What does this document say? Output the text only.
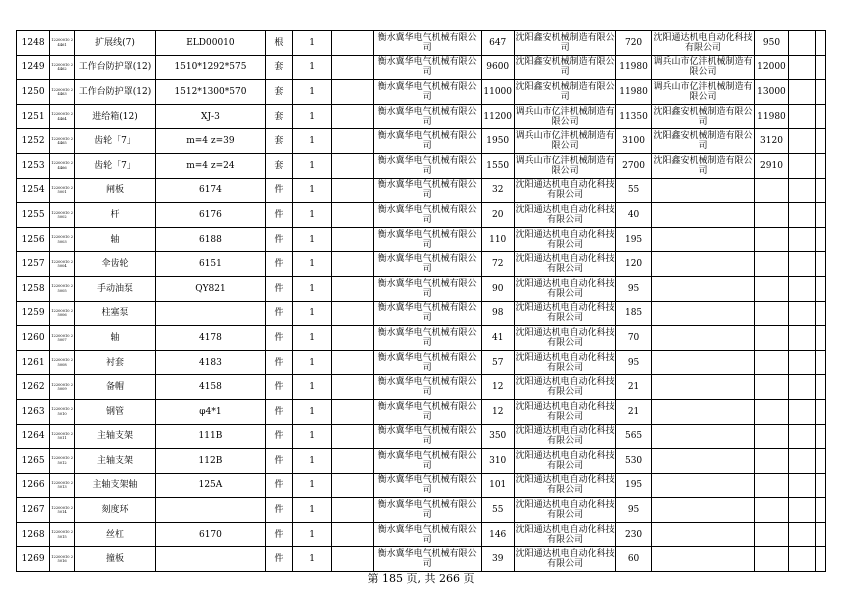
1248	12200010 24461	扩展线(7)	ELD00010	根	1		衡水冀华电气机械有限公司	647	沈阳鑫安机械制造有限公司	720	沈阳通达机电自动化科技有限公司	950		
1249	12200010 24462	工作台防护罩(12)	1510*1292*575	套	1		衡水冀华电气机械有限公司	9600	沈阳鑫安机械制造有限公司	11980	调兵山市亿沣机械制造有限公司	12000		
1250	12200010 24463	工作台防护罩(12)	1512*1300*570	套	1		衡水冀华电气机械有限公司	11000	沈阳鑫安机械制造有限公司	11980	调兵山市亿沣机械制造有限公司	13000		
1251	12200010 24464	进给箱(12)	XJ-3	套	1		衡水冀华电气机械有限公司	11200	调兵山市亿沣机械制造有限公司	11350	沈阳鑫安机械制造有限公司	11980		
1252	12200010 24465	齿轮「7」	m=4 z=39	套	1		衡水冀华电气机械有限公司	1950	调兵山市亿沣机械制造有限公司	3100	沈阳鑫安机械制造有限公司	3120		
1253	12200010 24466	齿轮「7」	m=4 z=24	套	1		衡水冀华电气机械有限公司	1550	调兵山市亿沣机械制造有限公司	2700	沈阳鑫安机械制造有限公司	2910		
1254	12200010 25001	闸板	6174	件	1		衡水冀华电气机械有限公司	32	沈阳通达机电自动化科技有限公司	55				
1255	12200010 25002	杆	6176	件	1		衡水冀华电气机械有限公司	20	沈阳通达机电自动化科技有限公司	40				
1256	12200010 25003	轴	6188	件	1		衡水冀华电气机械有限公司	110	沈阳通达机电自动化科技有限公司	195				
1257	12200010 25004	伞齿轮	6151	件	1		衡水冀华电气机械有限公司	72	沈阳通达机电自动化科技有限公司	120				
1258	12200010 25005	手动油泵	QY821	件	1		衡水冀华电气机械有限公司	90	沈阳通达机电自动化科技有限公司	95				
1259	12200010 25006	柱塞泵		件	1		衡水冀华电气机械有限公司	98	沈阳通达机电自动化科技有限公司	185				
1260	12200010 25007	轴	4178	件	1		衡水冀华电气机械有限公司	41	沈阳通达机电自动化科技有限公司	70				
1261	12200010 25008	衬套	4183	件	1		衡水冀华电气机械有限公司	57	沈阳通达机电自动化科技有限公司	95				
1262	12200010 25009	备帽	4158	件	1		衡水冀华电气机械有限公司	12	沈阳通达机电自动化科技有限公司	21				
1263	12200010 25010	钢管	φ4*1	件	1		衡水冀华电气机械有限公司	12	沈阳通达机电自动化科技有限公司	21				
1264	12200010 25011	主轴支架	111B	件	1		衡水冀华电气机械有限公司	350	沈阳通达机电自动化科技有限公司	565				
1265	12200010 25012	主轴支架	112B	件	1		衡水冀华电气机械有限公司	310	沈阳通达机电自动化科技有限公司	530				
1266	12200010 25013	主轴支架轴	125A	件	1		衡水冀华电气机械有限公司	101	沈阳通达机电自动化科技有限公司	195				
1267	12200010 25014	刻度环		件	1		衡水冀华电气机械有限公司	55	沈阳通达机电自动化科技有限公司	95				
1268	12200010 25015	丝杠	6170	件	1		衡水冀华电气机械有限公司	146	沈阳通达机电自动化科技有限公司	230				
1269	12200010 25016	撞板		件	1		衡水冀华电气机械有限公司	39	沈阳通达机电自动化科技有限公司	60				
第 185 页, 共 266 页
